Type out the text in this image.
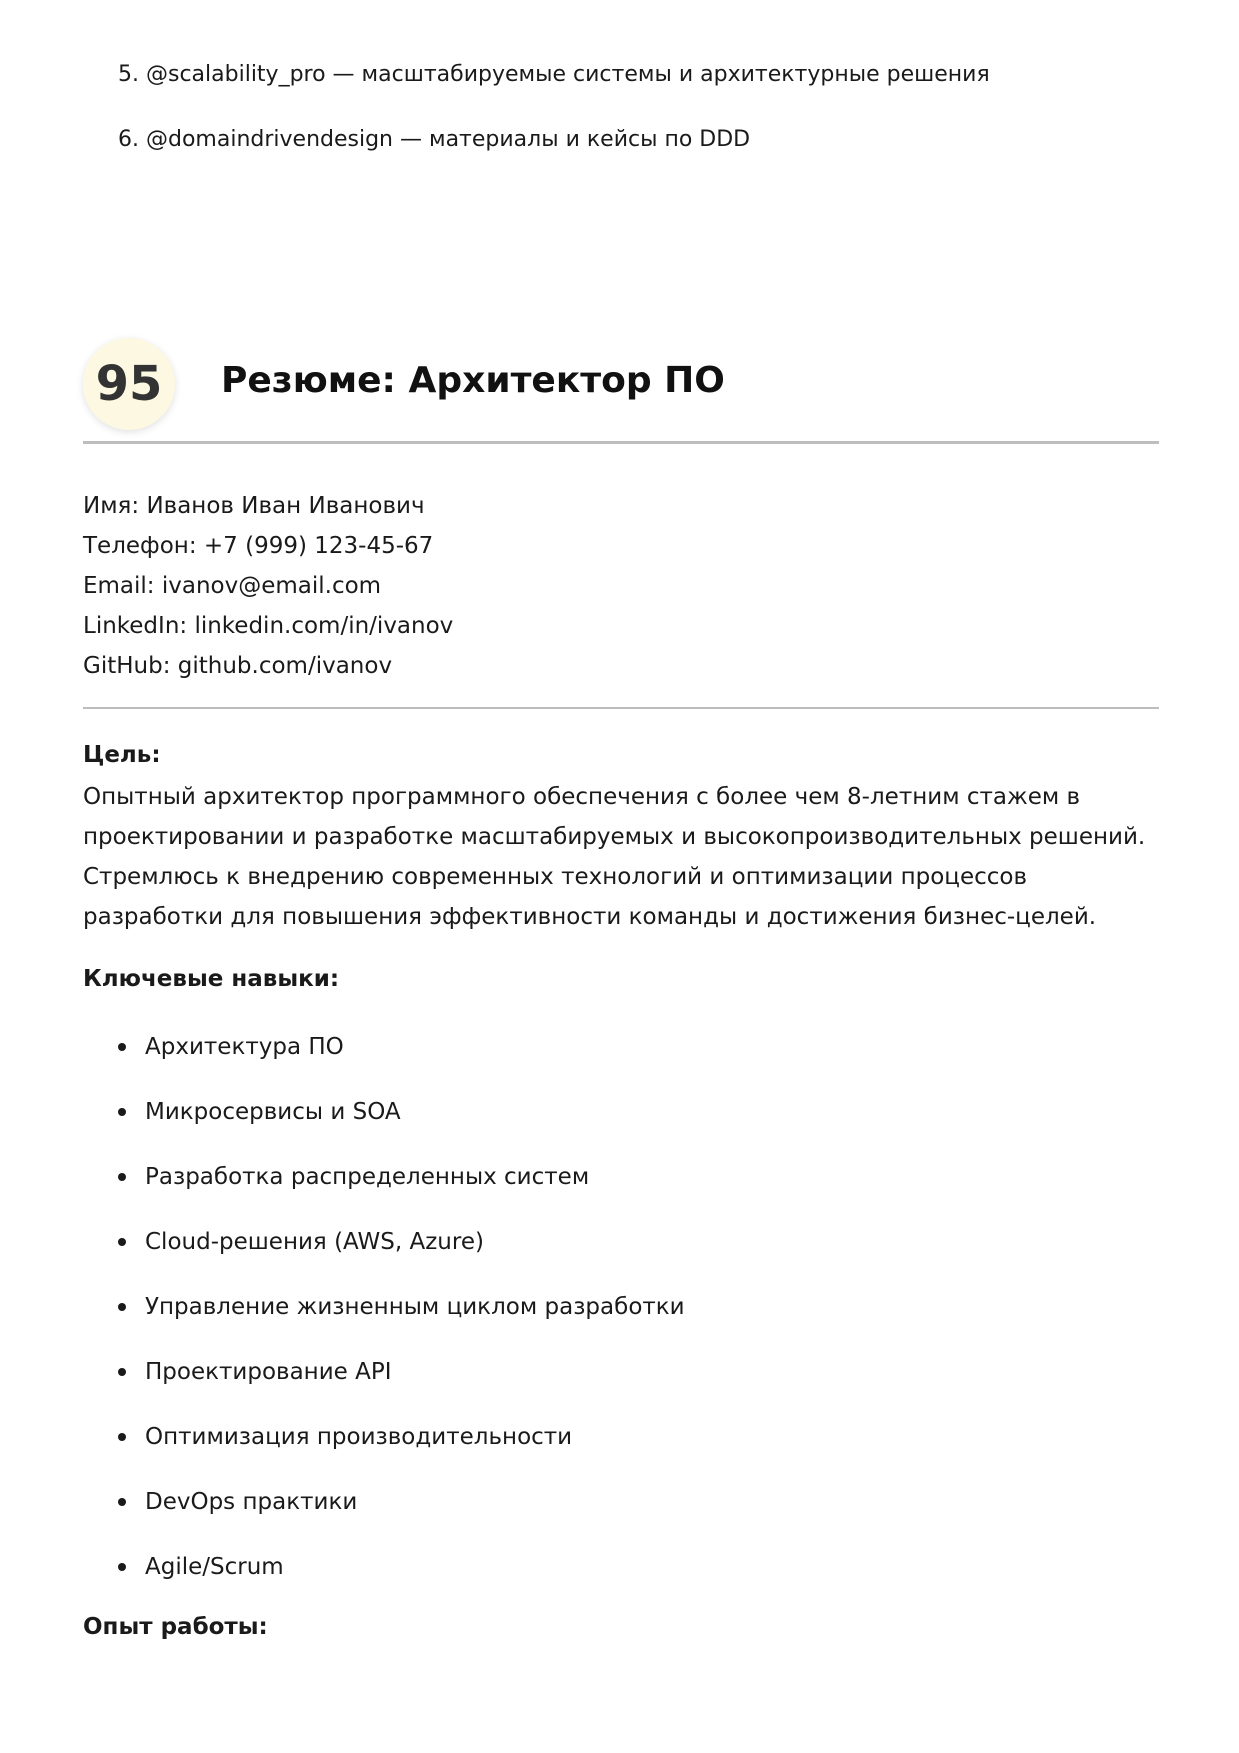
5. @scalability_pro — масштабируемые системы и архитектурные решения
6. @domaindrivendesign — материалы и кейсы по DDD
95	Резюме: Архитектор ПО
Имя: Иванов Иван Иванович
Телефон: +7 (999) 123-45-67
Email: ivanov@email.com
LinkedIn: linkedin.com/in/ivanov
GitHub: github.com/ivanov
Цель:

Опытный архитектор программного обеспечения с более чем 8-летним стажем в проектировании и разработке масштабируемых и высокопроизводительных решений. Стремлюсь к внедрению современных технологий и оптимизации процессов разработки для повышения эффективности команды и достижения бизнес-целей.

Ключевые навыки:
Архитектура ПО
Микросервисы и SOA
Разработка распределенных систем
Cloud-решения (AWS, Azure)
Управление жизненным циклом разработки
Проектирование API
Оптимизация производительности
DevOps практики
Agile/Scrum
Опыт работы:
